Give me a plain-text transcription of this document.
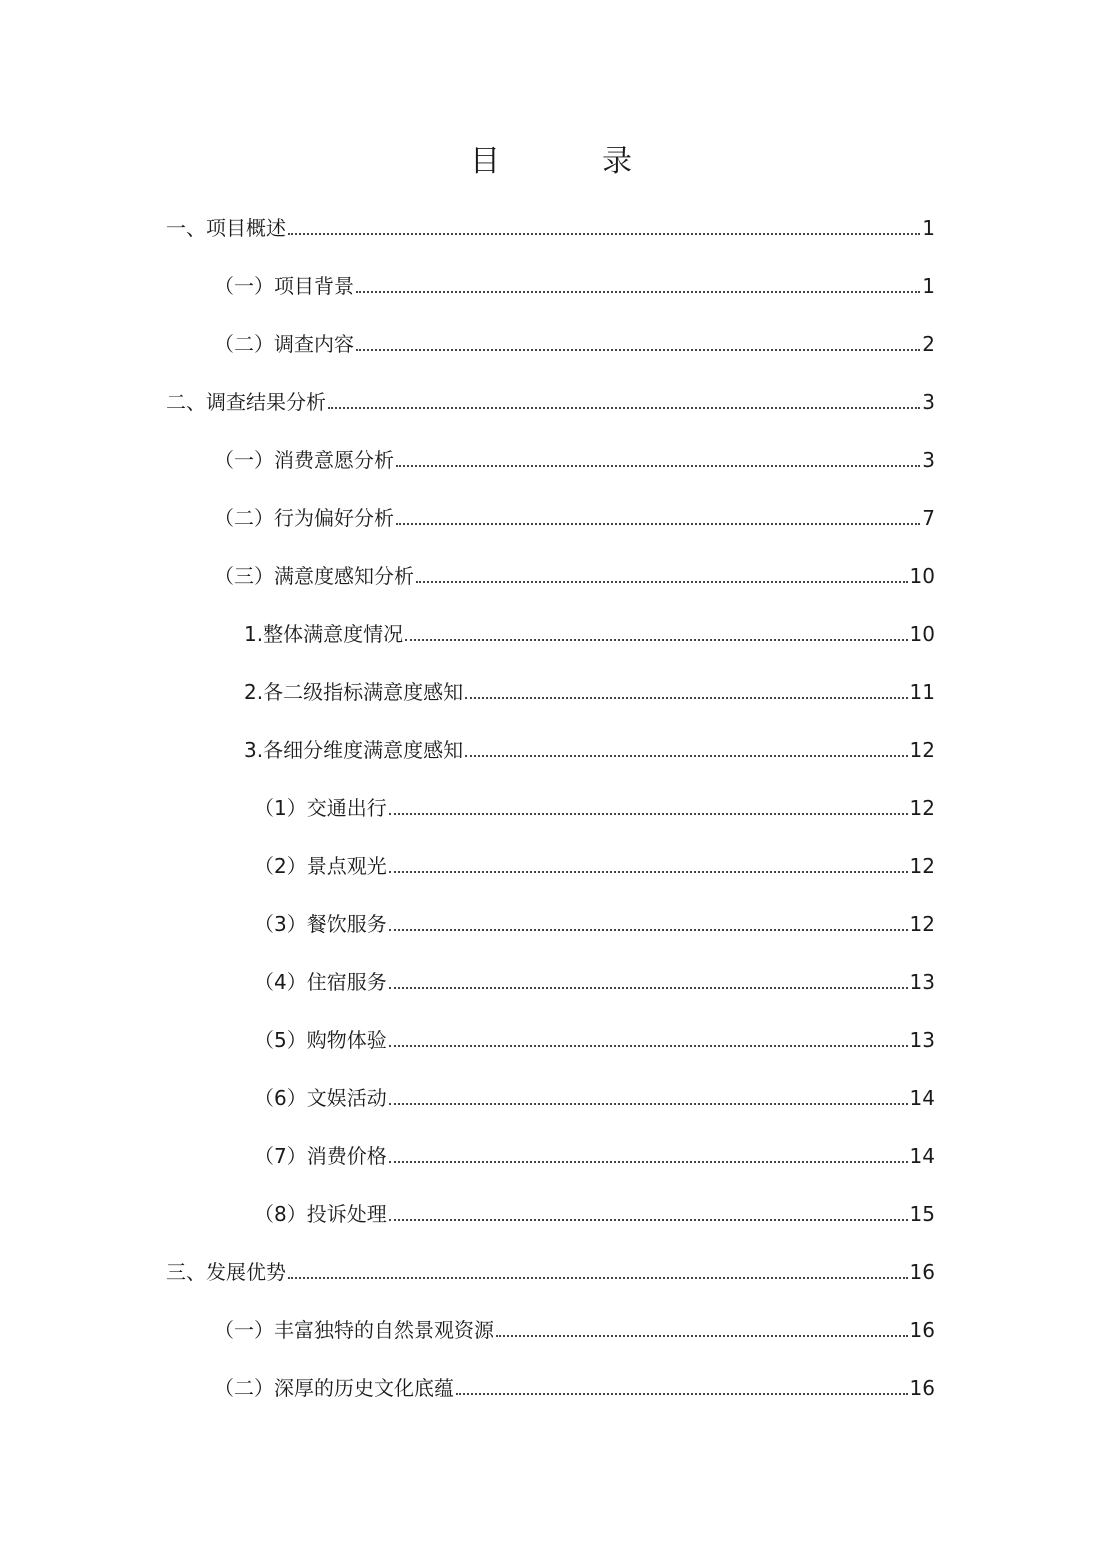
目　录
一、项目概述	1
（一）项目背景	1
（二）调查内容	2
二、调查结果分析	3
（一）消费意愿分析	3
（二）行为偏好分析	7
（三）满意度感知分析	10
1.整体满意度情况	10
2.各二级指标满意度感知	11
3.各细分维度满意度感知	12
（1）交通出行	12
（2）景点观光	12
（3）餐饮服务	12
（4）住宿服务	13
（5）购物体验	13
（6）文娱活动	14
（7）消费价格	14
（8）投诉处理	15
三、发展优势	16
（一）丰富独特的自然景观资源	16
（二）深厚的历史文化底蕴	16
